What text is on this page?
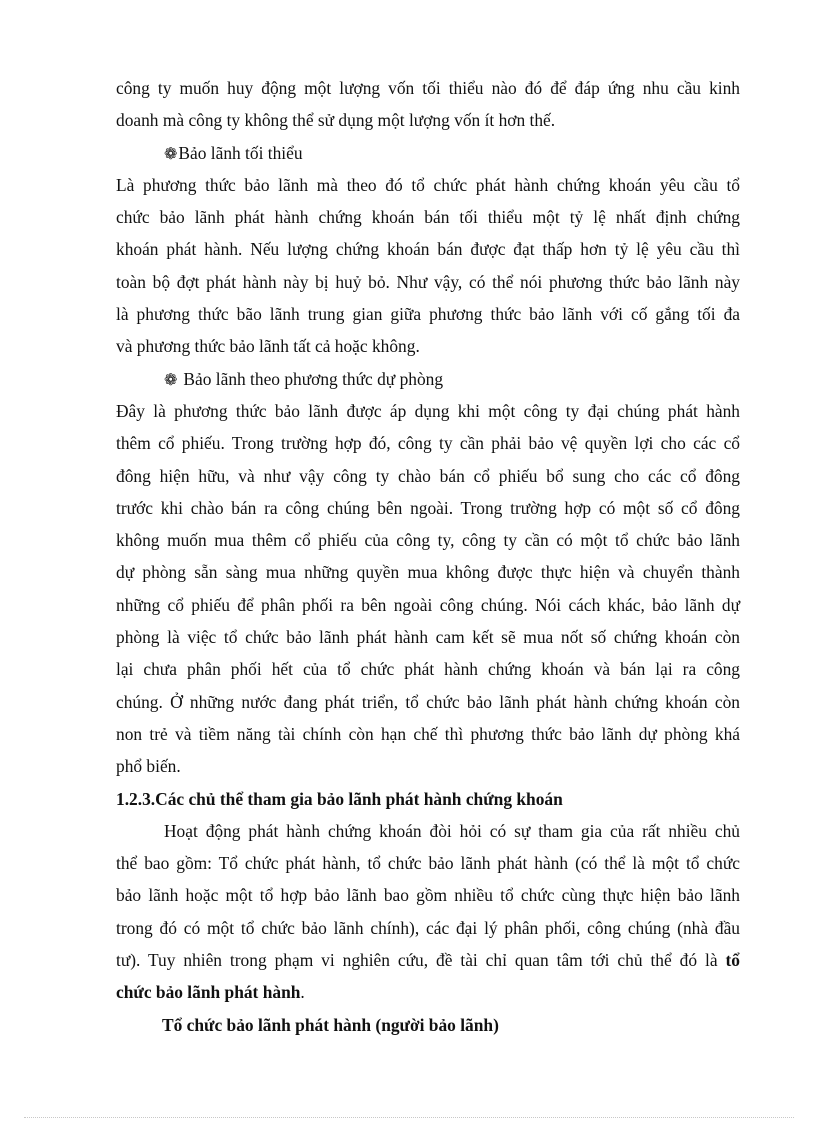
công ty muốn huy động một lượng vốn tối thiểu nào đó để đáp ứng nhu cầu kinh
doanh mà công ty không thể sử dụng một lượng vốn ít hơn thế.
❁Bảo lãnh tối thiểu
Là phương thức bảo lãnh mà theo đó tổ chức phát hành chứng khoán yêu cầu tổ
chức bảo lãnh phát hành chứng khoán bán tối thiểu một tỷ lệ nhất định chứng
khoán phát hành. Nếu lượng chứng khoán bán được đạt thấp hơn tỷ lệ yêu cầu thì
toàn bộ đợt phát hành này bị huỷ bỏ. Như vậy, có thể nói phương thức bảo lãnh này
là phương thức bão lãnh trung gian giữa phương thức bảo lãnh với cố gắng tối đa
và phương thức bảo lãnh tất cả hoặc không.
❁ Bảo lãnh theo phương thức dự phòng
Đây là phương thức bảo lãnh được áp dụng khi một công ty đại chúng phát hành
thêm cổ phiếu. Trong trường hợp đó, công ty cần phải bảo vệ quyền lợi cho các cổ
đông hiện hữu, và như vậy công ty chào bán cổ phiếu bổ sung cho các cổ đông
trước khi chào bán ra công chúng bên ngoài. Trong trường hợp có một số cổ đông
không muốn mua thêm cổ phiếu của công ty, công ty cần có một tổ chức bảo lãnh
dự phòng sẵn sàng mua những quyền mua không được thực hiện và chuyển thành
những cổ phiếu để phân phối ra bên ngoài công chúng. Nói cách khác, bảo lãnh dự
phòng là việc tổ chức bảo lãnh phát hành cam kết sẽ mua nốt số chứng khoán còn
lại chưa phân phối hết của tổ chức phát hành chứng khoán và bán lại ra công
chúng. Ở những nước đang phát triển, tổ chức bảo lãnh phát hành chứng khoán còn
non trẻ và tiềm năng tài chính còn hạn chế thì phương thức bảo lãnh dự phòng khá
phổ biến.
1.2.3.Các chủ thể tham gia bảo lãnh phát hành chứng khoán
Hoạt động phát hành chứng khoán đòi hỏi có sự tham gia của rất nhiều chủ
thể bao gồm: Tổ chức phát hành, tổ chức bảo lãnh phát hành (có thể là một tổ chức
bảo lãnh hoặc một tổ hợp bảo lãnh bao gồm nhiều tổ chức cùng thực hiện bảo lãnh
trong đó có một tổ chức bảo lãnh chính), các đại lý phân phối, công chúng (nhà đầu
tư). Tuy nhiên trong phạm vi nghiên cứu, đề tài chỉ quan tâm tới chủ thể đó là tổ
chức bảo lãnh phát hành.
Tổ chức bảo lãnh phát hành (người bảo lãnh)
